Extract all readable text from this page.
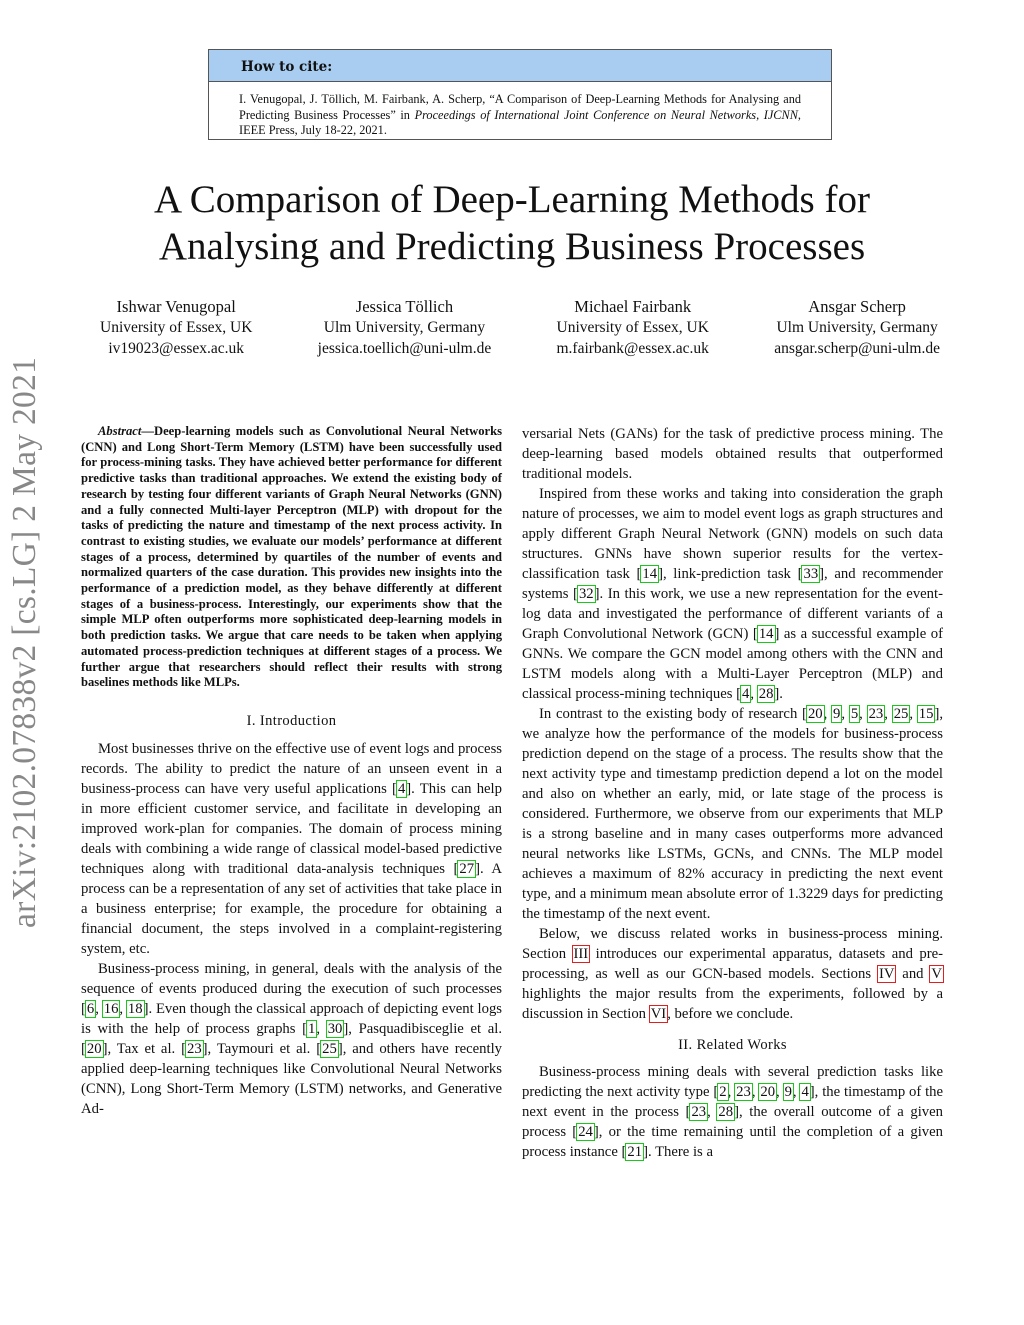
How to cite:
I. Venugopal, J. Töllich, M. Fairbank, A. Scherp, “A Comparison of Deep-Learning Methods for Analysing and Predicting Business Processes” in Proceedings of International Joint Conference on Neural Networks, IJCNN, IEEE Press, July 18-22, 2021.
arXiv:2102.07838v2 [cs.LG] 2 May 2021
A Comparison of Deep-Learning Methods for
Analysing and Predicting Business Processes
Ishwar Venugopal
University of Essex, UK
iv19023@essex.ac.uk
Jessica Töllich
Ulm University, Germany
jessica.toellich@uni-ulm.de
Michael Fairbank
University of Essex, UK
m.fairbank@essex.ac.uk
Ansgar Scherp
Ulm University, Germany
ansgar.scherp@uni-ulm.de

Abstract—Deep-learning models such as Convolutional Neural Networks (CNN) and Long Short-Term Memory (LSTM) have been successfully used for process-mining tasks. They have achieved better performance for different predictive tasks than traditional approaches. We extend the existing body of research by testing four different variants of Graph Neural Networks (GNN) and a fully connected Multi-layer Perceptron (MLP) with dropout for the tasks of predicting the nature and timestamp of the next process activity. In contrast to existing studies, we evaluate our models’ performance at different stages of a process, determined by quartiles of the number of events and normalized quarters of the case duration. This provides new insights into the performance of a prediction model, as they behave differently at different stages of a business-process. Interestingly, our experiments show that the simple MLP often outperforms more sophisticated deep-learning models in both prediction tasks. We argue that care needs to be taken when applying automated process-prediction techniques at different stages of a process. We further argue that researchers should reflect their results with strong baselines methods like MLPs.

I. Introduction

Most businesses thrive on the effective use of event logs and process records. The ability to predict the nature of an unseen event in a business-process can have very useful applications [4]. This can help in more efficient customer service, and facilitate in developing an improved work-plan for companies. The domain of process mining deals with combining a wide range of classical model-based predictive techniques along with traditional data-analysis techniques [27]. A process can be a representation of any set of activities that take place in a business enterprise; for example, the procedure for obtaining a financial document, the steps involved in a complaint-registering system, etc.

Business-process mining, in general, deals with the analysis of the sequence of events produced during the execution of such processes [6, 16, 18]. Even though the classical approach of depicting event logs is with the help of process graphs [1, 30], Pasquadibisceglie et al. [20], Tax et al. [23], Taymouri et al. [25], and others have recently applied deep-learning techniques like Convolutional Neural Networks (CNN), Long Short-Term Memory (LSTM) networks, and Generative Ad-

versarial Nets (GANs) for the task of predictive process mining. The deep-learning based models obtained results that outperformed traditional models.

Inspired from these works and taking into consideration the graph nature of processes, we aim to model event logs as graph structures and apply different Graph Neural Network (GNN) models on such data structures. GNNs have shown superior results for the vertex-classification task [14], link-prediction task [33], and recommender systems [32]. In this work, we use a new representation for the event-log data and investigated the performance of different variants of a Graph Convolutional Network (GCN) [14] as a successful example of GNNs. We compare the GCN model among others with the CNN and LSTM models along with a Multi-Layer Perceptron (MLP) and classical process-mining techniques [4, 28].

In contrast to the existing body of research [20, 9, 5, 23, 25, 15], we analyze how the performance of the models for business-process prediction depend on the stage of a process. The results show that the next activity type and timestamp prediction depend a lot on the model and also on whether an early, mid, or late stage of the process is considered. Furthermore, we observe from our experiments that MLP is a strong baseline and in many cases outperforms more advanced neural networks like LSTMs, GCNs, and CNNs. The MLP model achieves a maximum of 82% accuracy in predicting the next event type, and a minimum mean absolute error of 1.3229 days for predicting the timestamp of the next event.

Below, we discuss related works in business-process mining. Section III introduces our experimental apparatus, datasets and pre-processing, as well as our GCN-based models. Sections IV and V highlights the major results from the experiments, followed by a discussion in Section VI, before we conclude.

II. Related Works

Business-process mining deals with several prediction tasks like predicting the next activity type [2, 23, 20, 9, 4], the timestamp of the next event in the process [23, 28], the overall outcome of a given process [24], or the time remaining until the completion of a given process instance [21]. There is a
